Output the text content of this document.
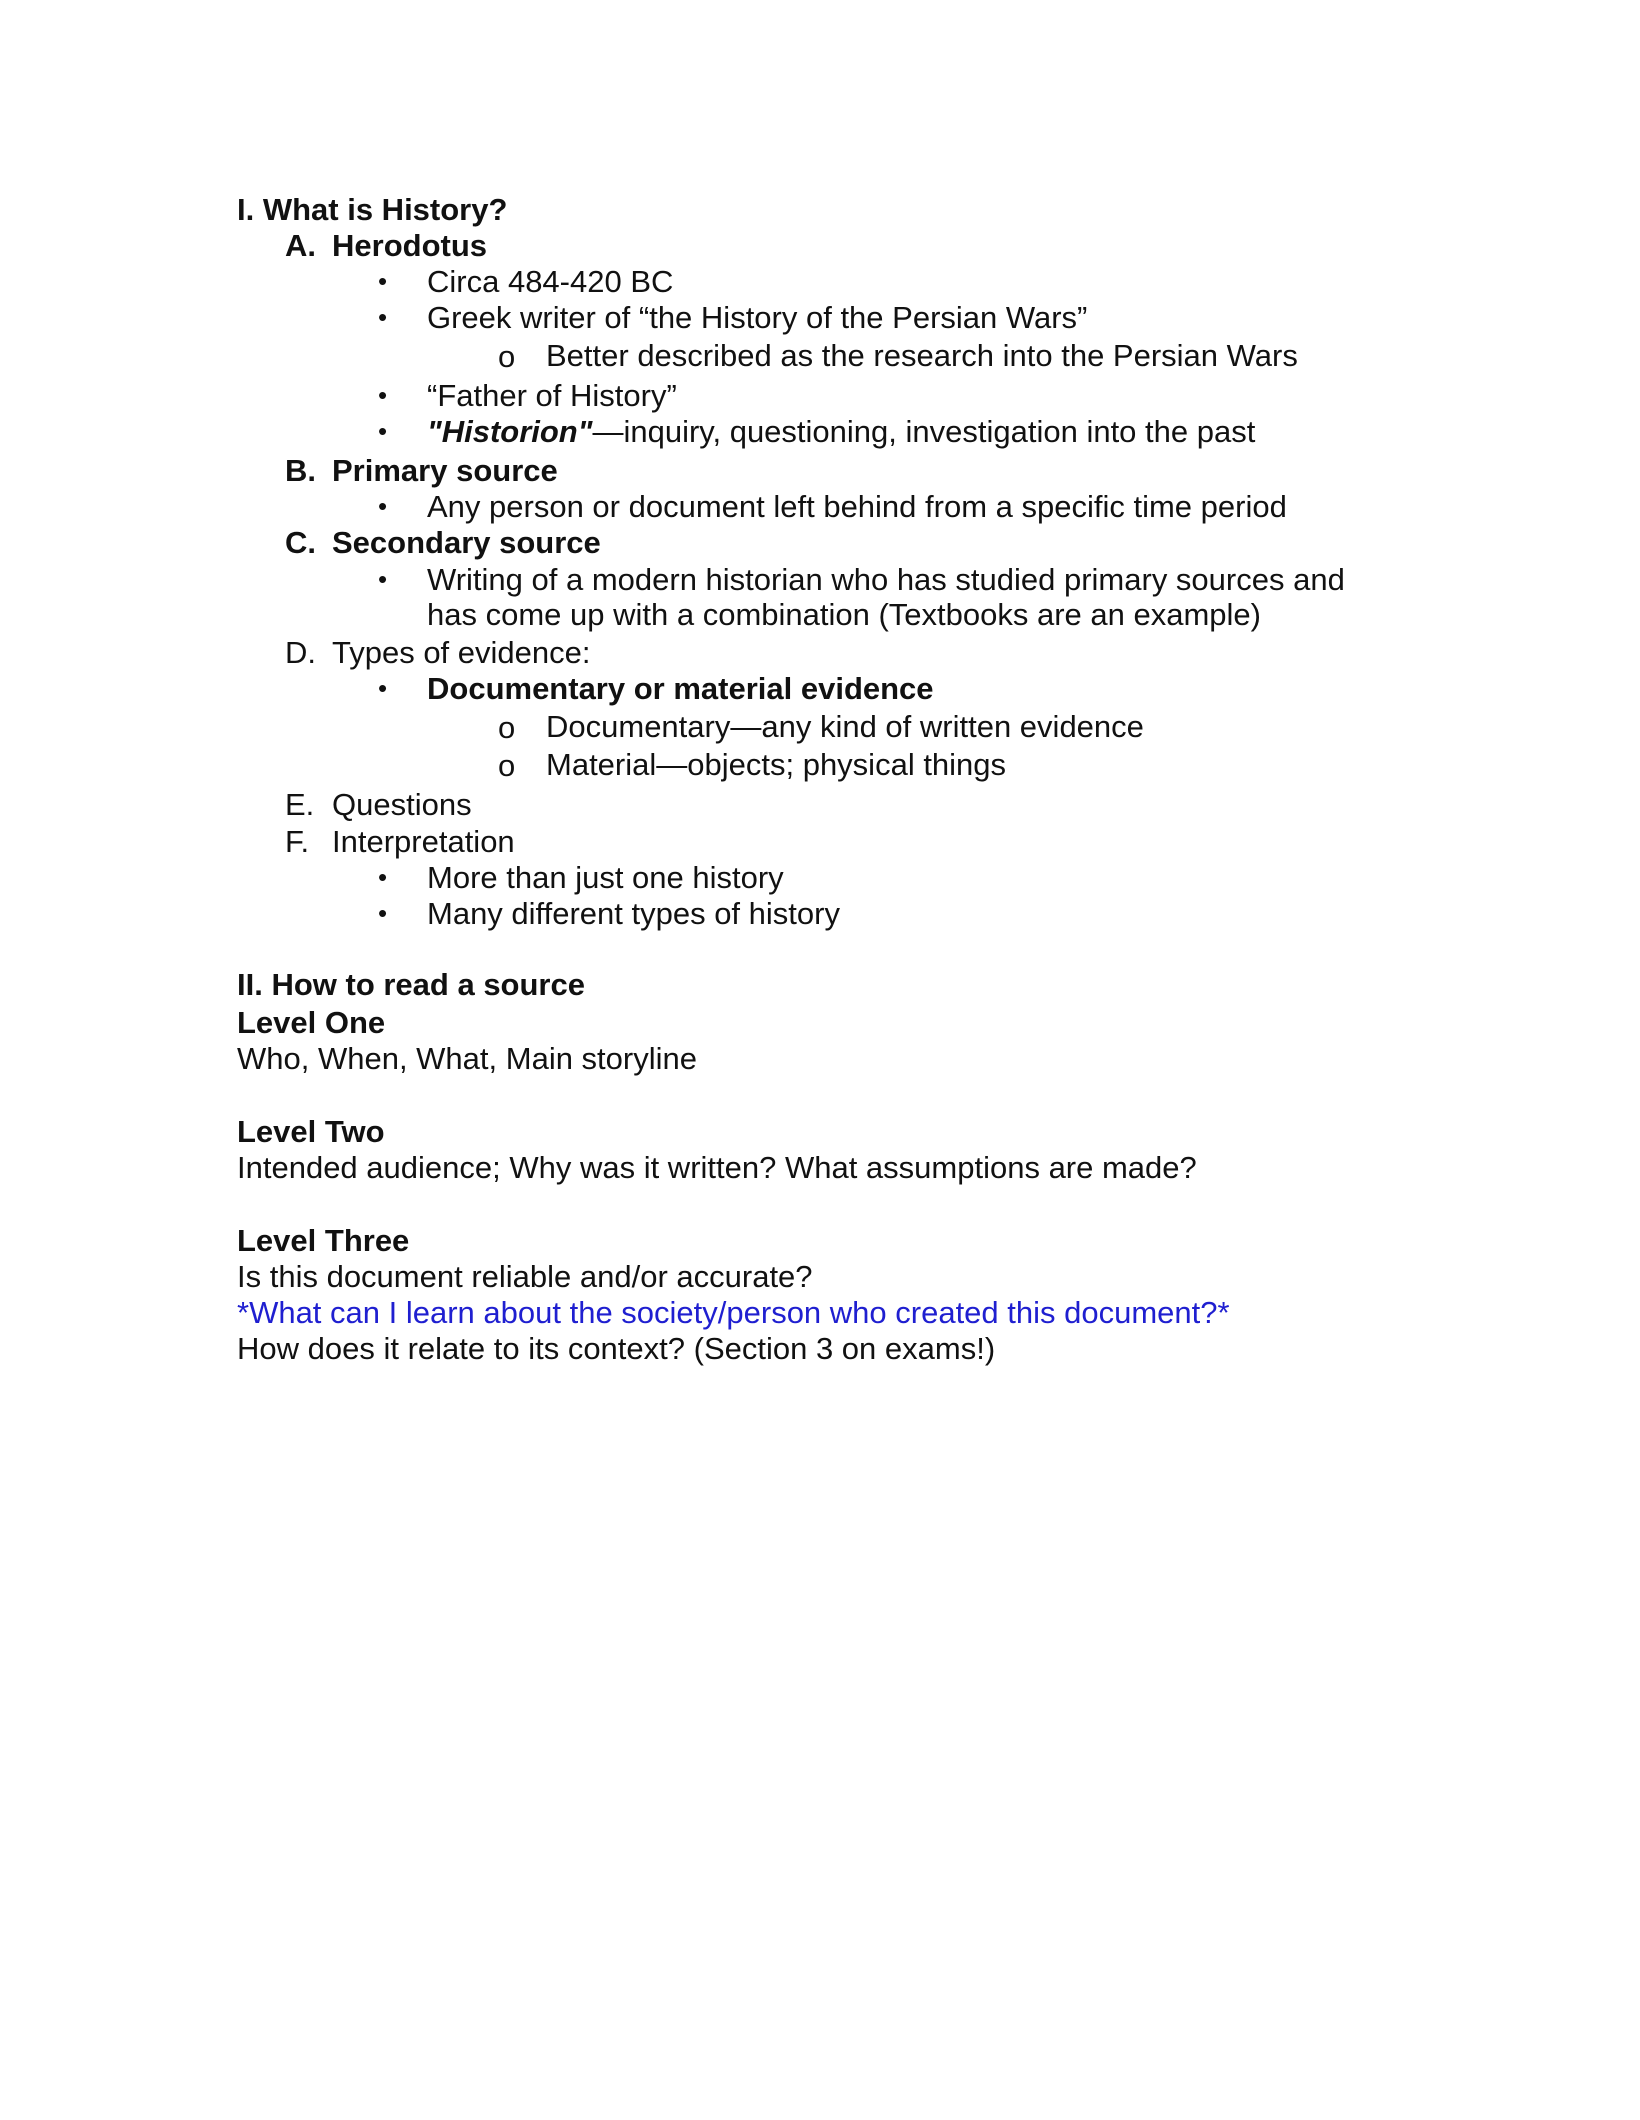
I. What is History?
A. Herodotus
• Circa 484-420 BC
• Greek writer of “the History of the Persian Wars”
o Better described as the research into the Persian Wars
• “Father of History”
• "Historion"—inquiry, questioning, investigation into the past
B. Primary source
• Any person or document left behind from a specific time period
C. Secondary source
• Writing of a modern historian who has studied primary sources and
has come up with a combination (Textbooks are an example)
D. Types of evidence:
• Documentary or material evidence
o Documentary—any kind of written evidence
o Material—objects; physical things
E. Questions
F. Interpretation
• More than just one history
• Many different types of history
II. How to read a source
Level One
Who, When, What, Main storyline
Level Two
Intended audience; Why was it written? What assumptions are made?
Level Three
Is this document reliable and/or accurate?
*What can I learn about the society/person who created this document?*
How does it relate to its context? (Section 3 on exams!)
